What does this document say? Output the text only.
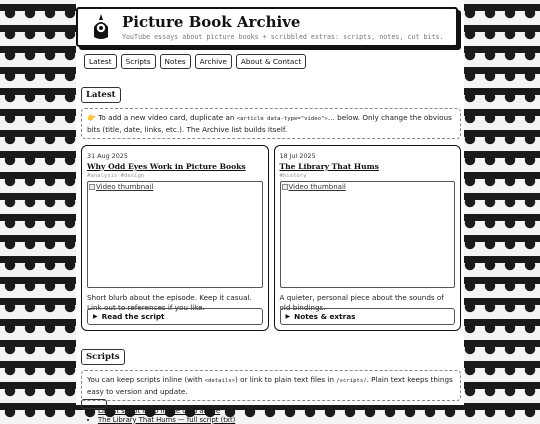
Picture Book Archive
YouTube essays about picture books + scribbled extras: scripts, notes, cut bits.
Latest	Scripts	Notes	Archive	About & Contact
Latest
👉 To add a new video card, duplicate an <article data-type="video">… below. Only change the obvious bits (title, date, links, etc.). The Archive list builds itself.
31 Aug 2025
Why Odd Eyes Work in Picture Books
#analysis #design
Video thumbnail
Short blurb about the episode. Keep it casual. Link out to references if you like.
▶ Read the script
18 Jul 2025
The Library That Hums
#history
Video thumbnail
A quieter, personal piece about the sounds of old bindings.
▶ Notes & extras
Scripts
You can keep scripts inline (with <details>) or link to plain text files in /scripts/. Plain text keeps things easy to version and update.
• Latest script is up in the card above
• The Library That Hums — full script (txt)
